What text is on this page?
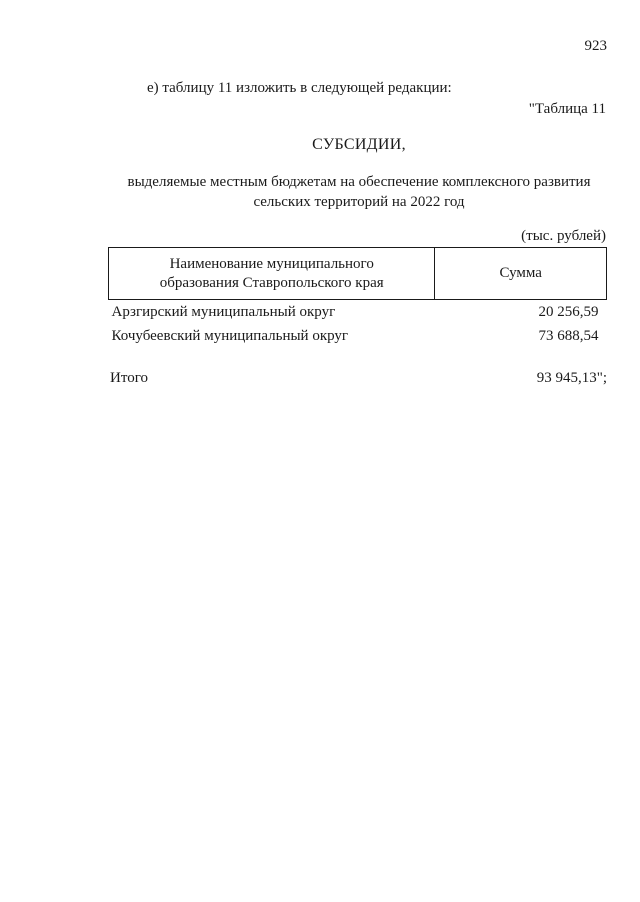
923
е) таблицу 11 изложить в следующей редакции:
"Таблица 11
СУБСИДИИ,
выделяемые местным бюджетам на обеспечение комплексного развития сельских территорий на 2022 год
(тыс. рублей)
Наименование муниципального
образования Ставропольского края	Сумма
Арзгирский муниципальный округ	20 256,59
Кочубеевский муниципальный округ	73 688,54
Итого	93 945,13";
